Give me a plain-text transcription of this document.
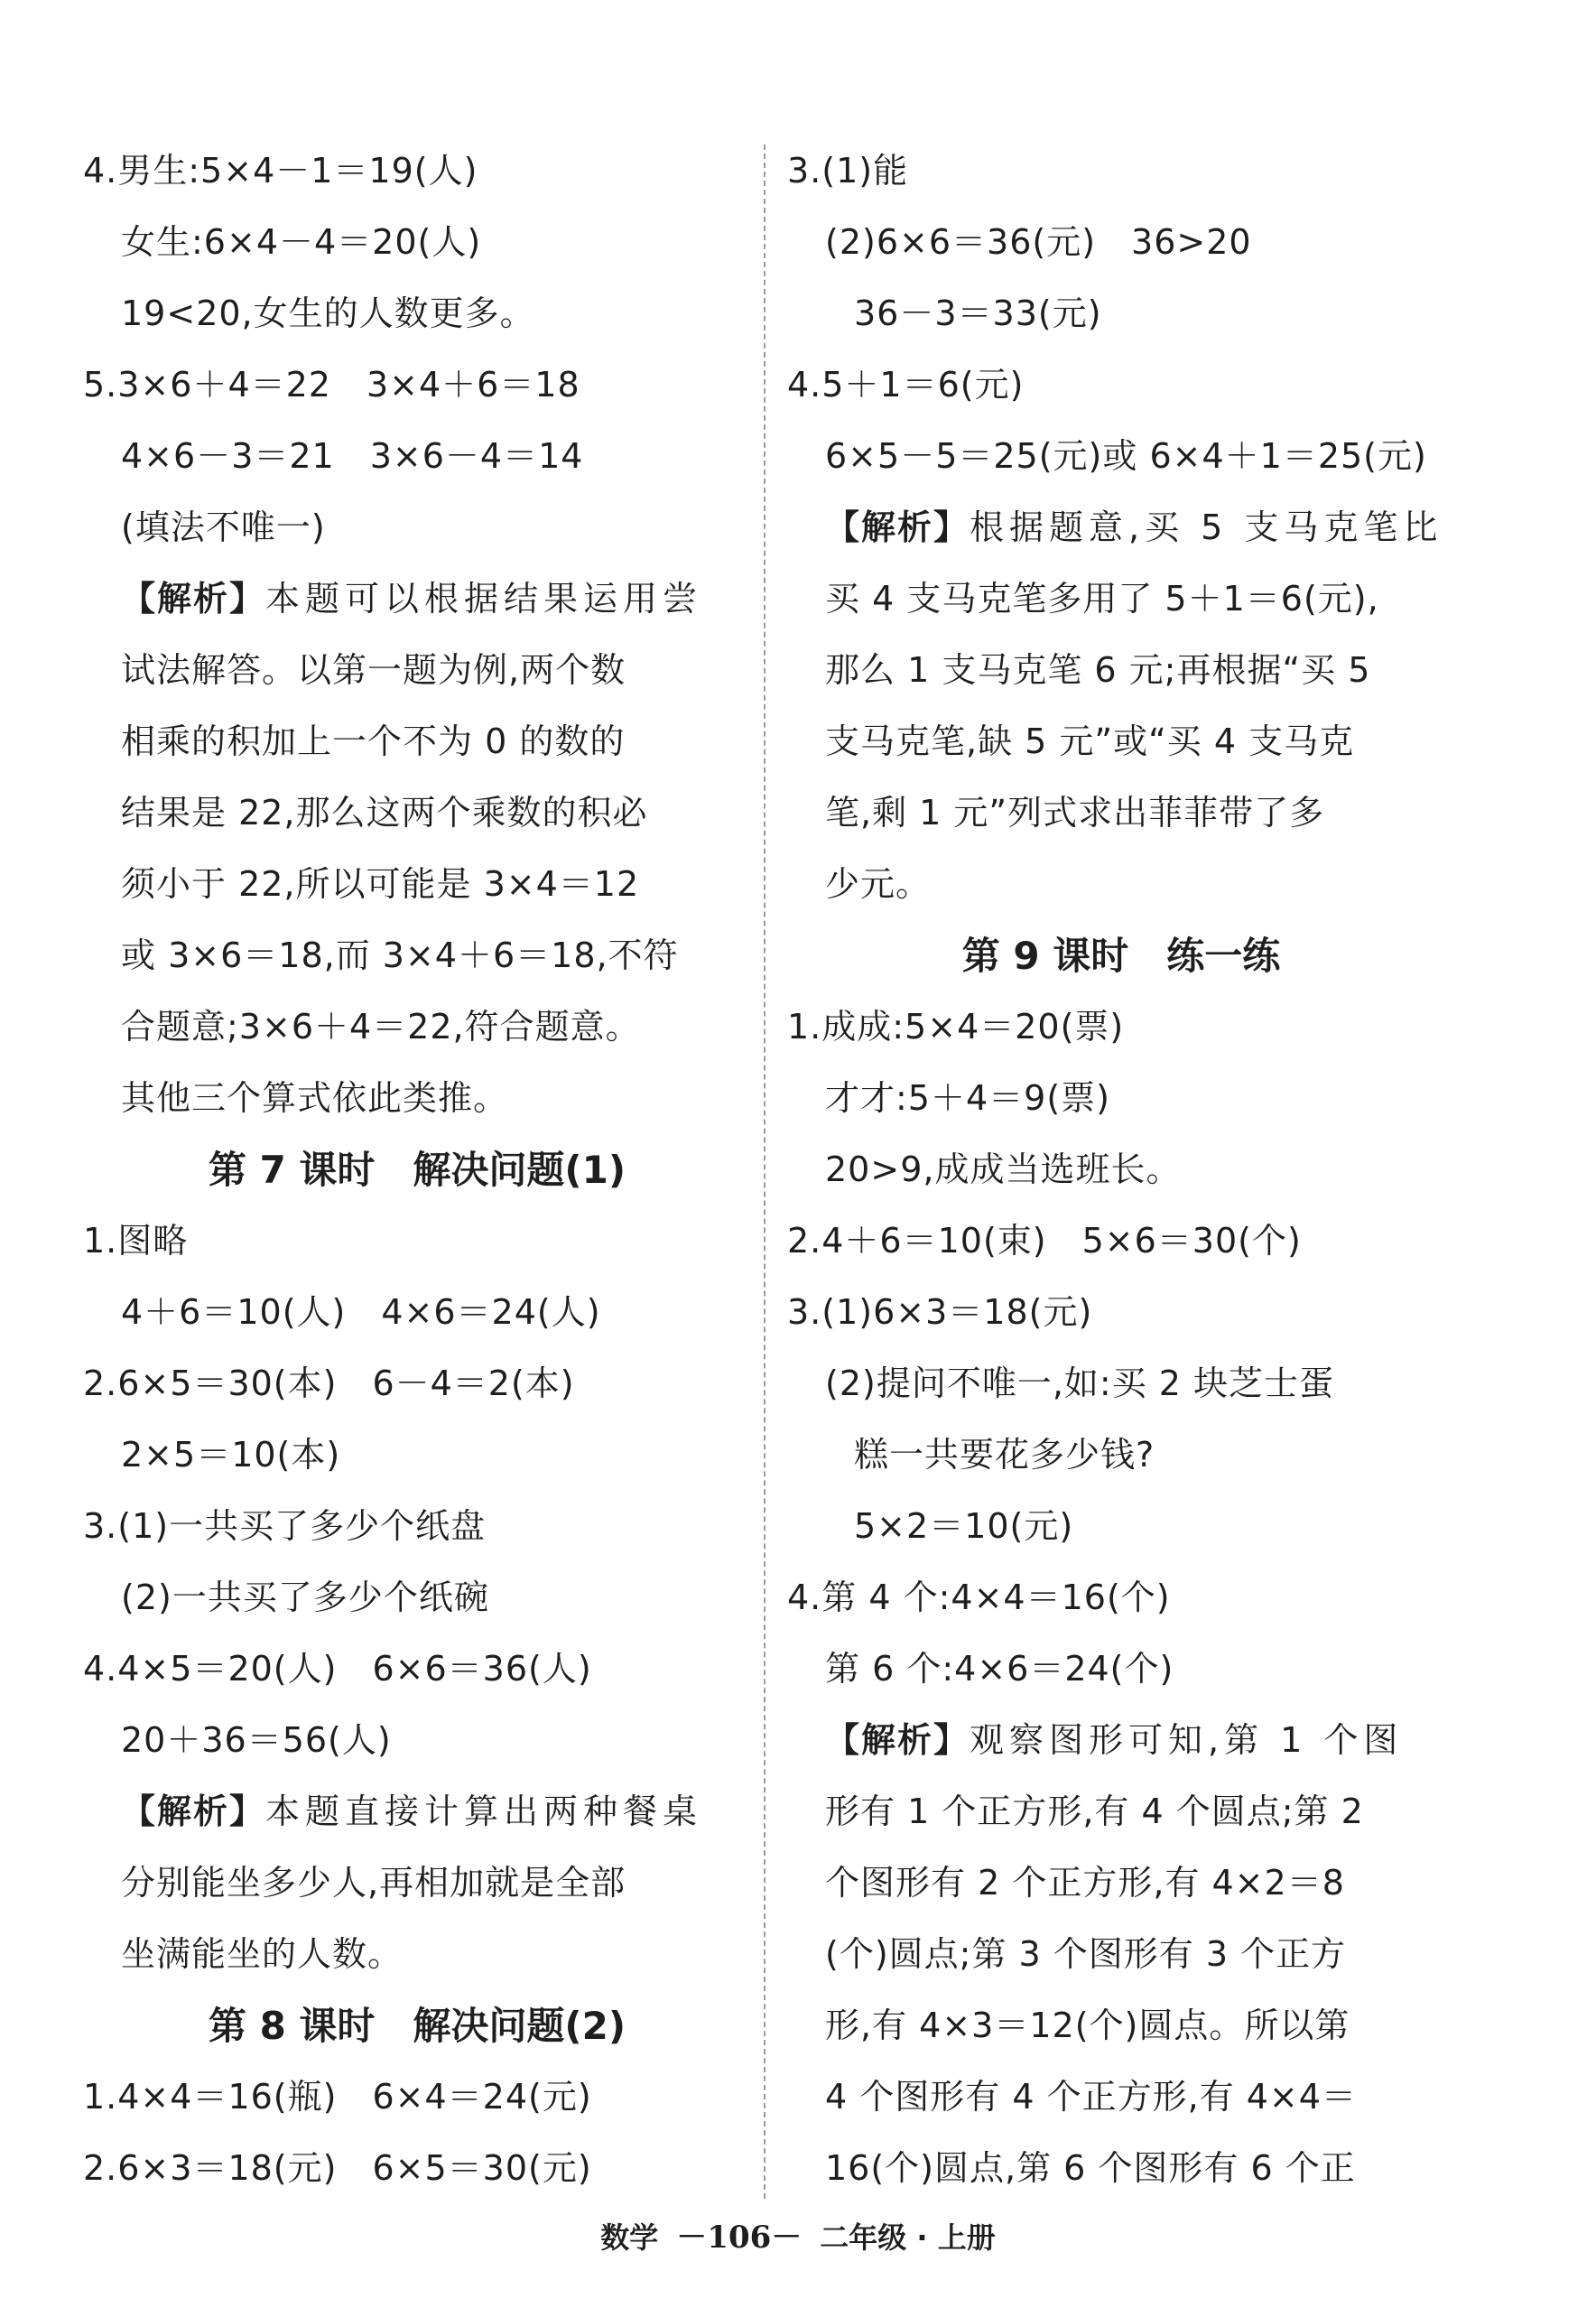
4.男生:5×4－1＝19(人)
女生:6×4－4＝20(人)
19<20,女生的人数更多。
5.3×6＋4＝22　3×4＋6＝18
4×6－3＝21　3×6－4＝14
(填法不唯一)
【解析】本题可以根据结果运用尝
试法解答。以第一题为例,两个数
相乘的积加上一个不为 0 的数的
结果是 22,那么这两个乘数的积必
须小于 22,所以可能是 3×4＝12
或 3×6＝18,而 3×4＋6＝18,不符
合题意;3×6＋4＝22,符合题意。
其他三个算式依此类推。
第 7 课时　解决问题(1)
1.图略
4＋6＝10(人)　4×6＝24(人)
2.6×5＝30(本)　6－4＝2(本)
2×5＝10(本)
3.(1)一共买了多少个纸盘
(2)一共买了多少个纸碗
4.4×5＝20(人)　6×6＝36(人)
20＋36＝56(人)
【解析】本题直接计算出两种餐桌
分别能坐多少人,再相加就是全部
坐满能坐的人数。
第 8 课时　解决问题(2)
1.4×4＝16(瓶)　6×4＝24(元)
2.6×3＝18(元)　6×5＝30(元)
3.(1)能
(2)6×6＝36(元)　36>20
36－3＝33(元)
4.5＋1＝6(元)
6×5－5＝25(元)或 6×4＋1＝25(元)
【解析】根据题意,买 5 支马克笔比
买 4 支马克笔多用了 5＋1＝6(元),
那么 1 支马克笔 6 元;再根据“买 5
支马克笔,缺 5 元”或“买 4 支马克
笔,剩 1 元”列式求出菲菲带了多
少元。
第 9 课时　练一练
1.成成:5×4＝20(票)
才才:5＋4＝9(票)
20>9,成成当选班长。
2.4＋6＝10(束)　5×6＝30(个)
3.(1)6×3＝18(元)
(2)提问不唯一,如:买 2 块芝士蛋
糕一共要花多少钱?
5×2＝10(元)
4.第 4 个:4×4＝16(个)
第 6 个:4×6＝24(个)
【解析】观察图形可知,第 1 个图
形有 1 个正方形,有 4 个圆点;第 2
个图形有 2 个正方形,有 4×2＝8
(个)圆点;第 3 个图形有 3 个正方
形,有 4×3＝12(个)圆点。所以第
4 个图形有 4 个正方形,有 4×4＝
16(个)圆点,第 6 个图形有 6 个正
数学 －106－ 二年级 · 上册
